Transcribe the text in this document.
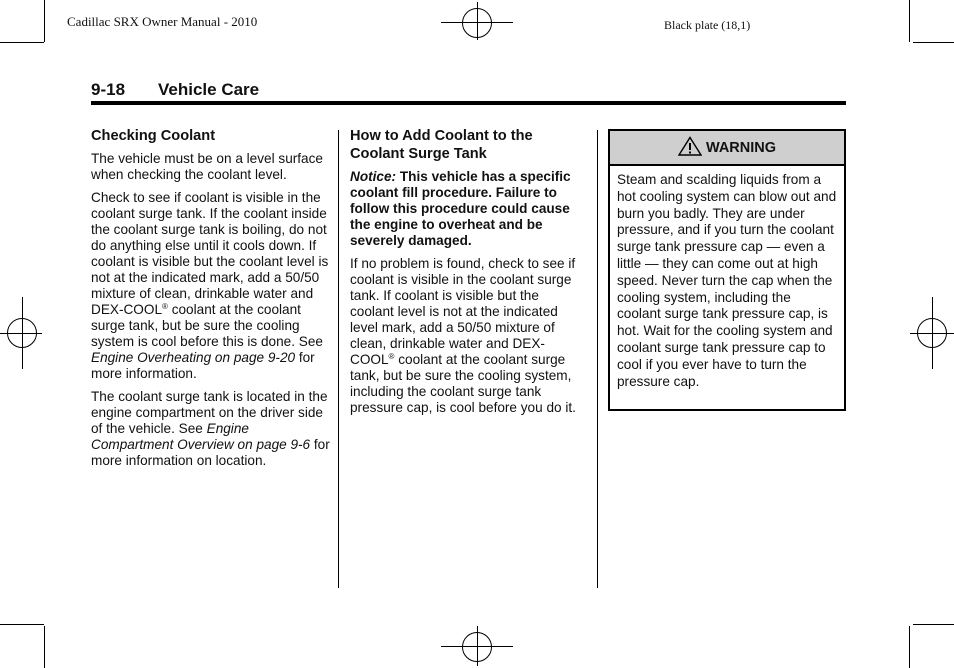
Cadillac SRX Owner Manual - 2010	Black plate (18,1)
9-18 Vehicle Care
Checking Coolant

The vehicle must be on a level surface when checking the coolant level.

Check to see if coolant is visible in the coolant surge tank. If the coolant inside the coolant surge tank is boiling, do not do anything else until it cools down. If coolant is visible but the coolant level is not at the indicated mark, add a 50/50 mixture of clean, drinkable water and DEX-COOL® coolant at the coolant surge tank, but be sure the cooling system is cool before this is done. See Engine Overheating on page 9-20 for more information.

The coolant surge tank is located in the engine compartment on the driver side of the vehicle. See Engine Compartment Overview on page 9-6 for more information on location.

How to Add Coolant to the Coolant Surge Tank

Notice: This vehicle has a specific coolant fill procedure. Failure to follow this procedure could cause the engine to overheat and be severely damaged.

If no problem is found, check to see if coolant is visible in the coolant surge tank. If coolant is visible but the coolant level is not at the indicated level mark, add a 50/50 mixture of clean, drinkable water and DEX-COOL® coolant at the coolant surge tank, but be sure the cooling system, including the coolant surge tank pressure cap, is cool before you do it.

WARNING
Steam and scalding liquids from a hot cooling system can blow out and burn you badly. They are under pressure, and if you turn the coolant surge tank pressure cap — even a little — they can come out at high speed. Never turn the cap when the cooling system, including the coolant surge tank pressure cap, is hot. Wait for the cooling system and coolant surge tank pressure cap to cool if you ever have to turn the pressure cap.
